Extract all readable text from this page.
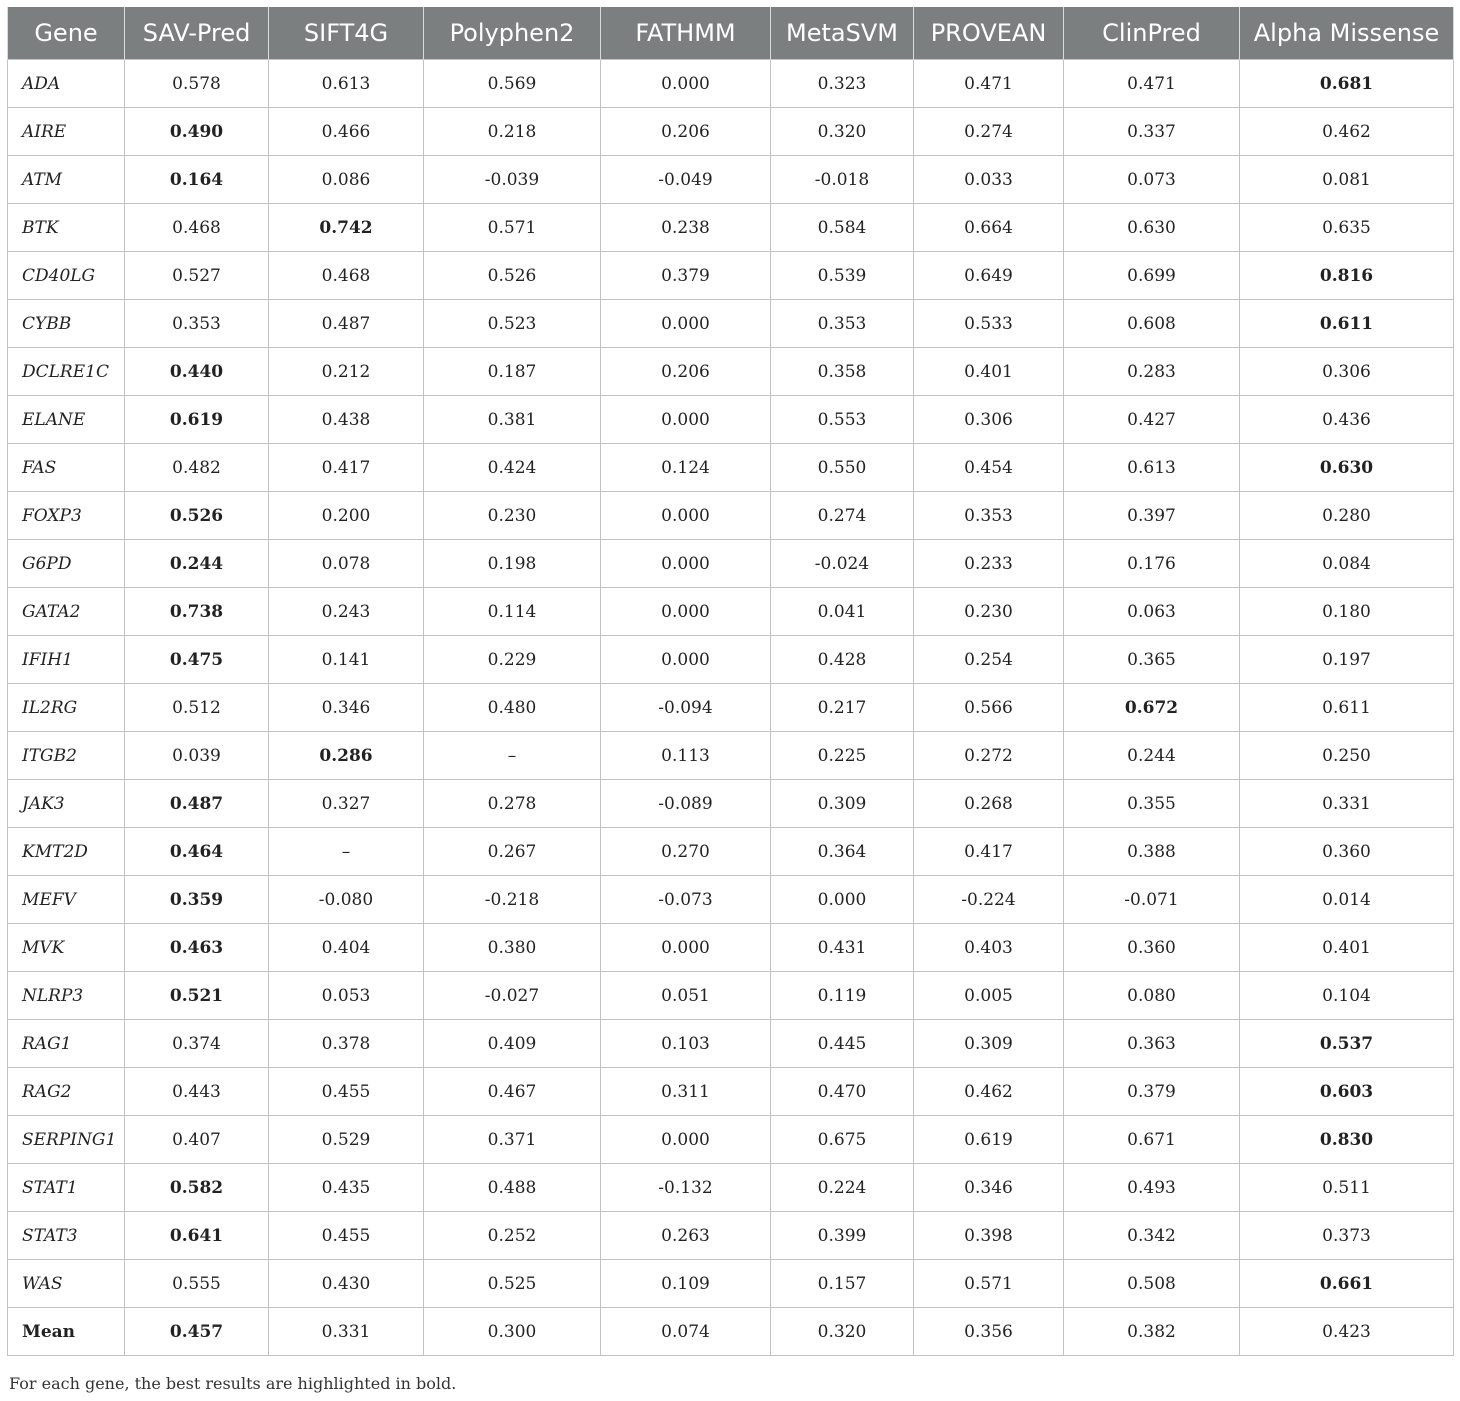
Gene	SAV-Pred	SIFT4G	Polyphen2	FATHMM	MetaSVM	PROVEAN	ClinPred	Alpha Missense
ADA	0.578	0.613	0.569	0.000	0.323	0.471	0.471	0.681
AIRE	0.490	0.466	0.218	0.206	0.320	0.274	0.337	0.462
ATM	0.164	0.086	-0.039	-0.049	-0.018	0.033	0.073	0.081
BTK	0.468	0.742	0.571	0.238	0.584	0.664	0.630	0.635
CD40LG	0.527	0.468	0.526	0.379	0.539	0.649	0.699	0.816
CYBB	0.353	0.487	0.523	0.000	0.353	0.533	0.608	0.611
DCLRE1C	0.440	0.212	0.187	0.206	0.358	0.401	0.283	0.306
ELANE	0.619	0.438	0.381	0.000	0.553	0.306	0.427	0.436
FAS	0.482	0.417	0.424	0.124	0.550	0.454	0.613	0.630
FOXP3	0.526	0.200	0.230	0.000	0.274	0.353	0.397	0.280
G6PD	0.244	0.078	0.198	0.000	-0.024	0.233	0.176	0.084
GATA2	0.738	0.243	0.114	0.000	0.041	0.230	0.063	0.180
IFIH1	0.475	0.141	0.229	0.000	0.428	0.254	0.365	0.197
IL2RG	0.512	0.346	0.480	-0.094	0.217	0.566	0.672	0.611
ITGB2	0.039	0.286	–	0.113	0.225	0.272	0.244	0.250
JAK3	0.487	0.327	0.278	-0.089	0.309	0.268	0.355	0.331
KMT2D	0.464	–	0.267	0.270	0.364	0.417	0.388	0.360
MEFV	0.359	-0.080	-0.218	-0.073	0.000	-0.224	-0.071	0.014
MVK	0.463	0.404	0.380	0.000	0.431	0.403	0.360	0.401
NLRP3	0.521	0.053	-0.027	0.051	0.119	0.005	0.080	0.104
RAG1	0.374	0.378	0.409	0.103	0.445	0.309	0.363	0.537
RAG2	0.443	0.455	0.467	0.311	0.470	0.462	0.379	0.603
SERPING1	0.407	0.529	0.371	0.000	0.675	0.619	0.671	0.830
STAT1	0.582	0.435	0.488	-0.132	0.224	0.346	0.493	0.511
STAT3	0.641	0.455	0.252	0.263	0.399	0.398	0.342	0.373
WAS	0.555	0.430	0.525	0.109	0.157	0.571	0.508	0.661
Mean	0.457	0.331	0.300	0.074	0.320	0.356	0.382	0.423
For each gene, the best results are highlighted in bold.
